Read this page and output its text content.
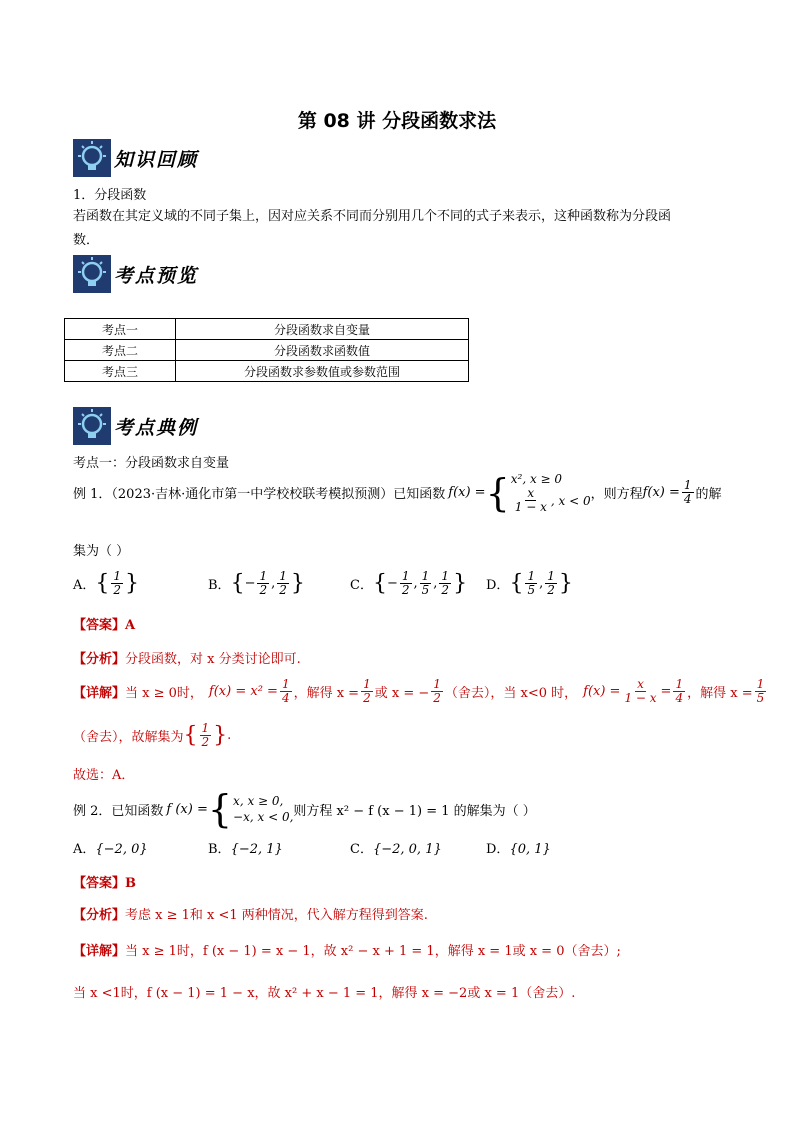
第 08 讲 分段函数求法
知识回顾
1．分段函数
若函数在其定义域的不同子集上，因对应关系不同而分别用几个不同的式子来表示，这种函数称为分段函
数．
考点预览
考点一	分段函数求自变量
考点二	分段函数求函数值
考点三	分段函数求参数值或参数范围
考点典例
考点一：分段函数求自变量
例 1．（2023·吉林·通化市第一中学校校联考模拟预测）已知函数 f(x) = { x², x ≥ 0
$\frac{x}{1 - x}$ , x < 0 ，则方程 $f(x) = \frac{1}{4}$ 的解
集为（ ）
A． { $\frac{1}{2}$ }	B． { − $\frac{1}{2}$ , $\frac{1}{2}$ }	C． { − $\frac{1}{2}$ , $\frac{1}{5}$ , $\frac{1}{2}$ } D． { $\frac{1}{5}$ , $\frac{1}{2}$ }
【答案】A
【分析】分段函数，对 x 分类讨论即可.
【详解】 当 x ≥ 0时， $f(x) = x^2 = \frac{1}{4}$ ，解得 $x = \frac{1}{2}$ 或 x = − $\frac{1}{2}$ （舍去），当 x<0 时， $f(x) = \frac{x}{1 - x} = \frac{1}{4}$ ，解得 $x = \frac{1}{5}$
（舍去），故解集为 { $\frac{1}{2}$ } .
故选：A．
例 2．已知函数 f (x) = { x, x ≥ 0,
−x, x < 0, 则方程 x² − f (x − 1) = 1 的解集为（ ）
A．{−2, 0}	B．{−2, 1}	C．{−2, 0, 1}	D．{0, 1}
【答案】B
【分析】考虑 x ≥ 1和 x <1 两种情况，代入解方程得到答案.
【详解】当 x ≥ 1时，f (x − 1) = x − 1，故 x² − x + 1 = 1，解得 x = 1或 x = 0（舍去）;
当 x <1时，f (x − 1) = 1 − x，故 x² + x − 1 = 1，解得 x = −2或 x = 1（舍去）.
